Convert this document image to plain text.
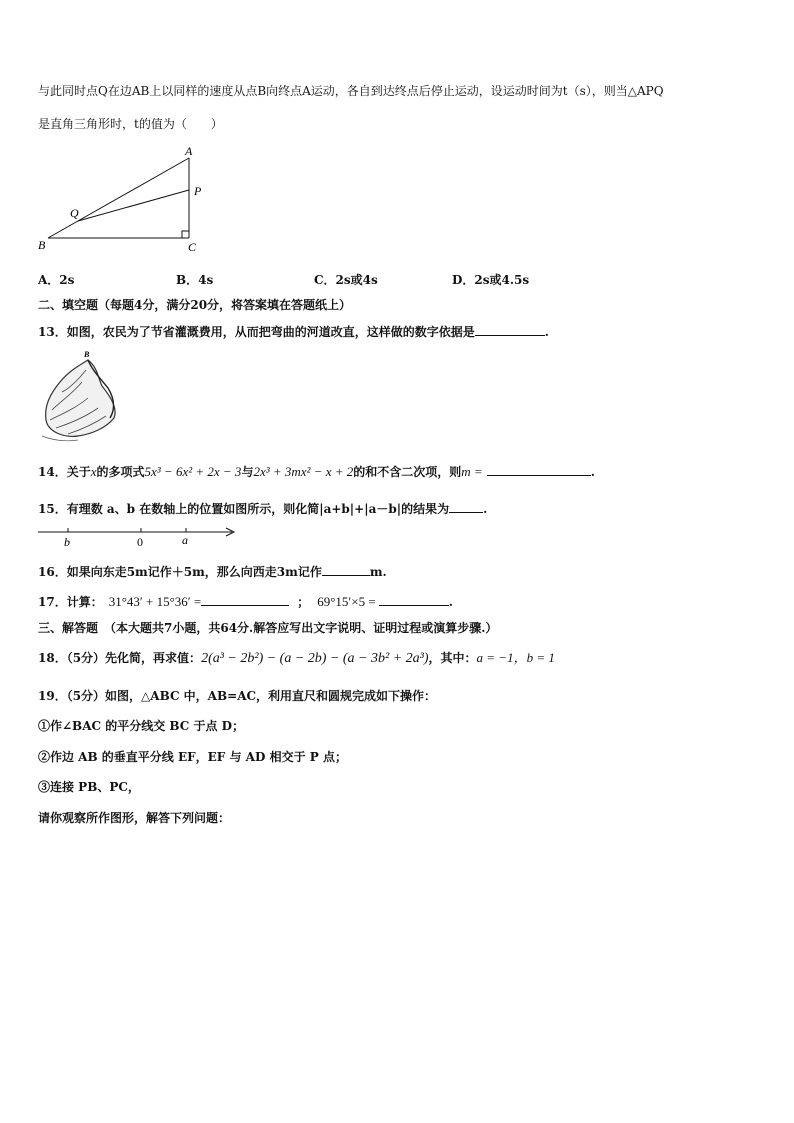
与此同时点Q在边AB上以同样的速度从点B向终点A运动，各自到达终点后停止运动，设运动时间为t（s），则当△APQ
是直角三角形时，t的值为（　　）
A
P
Q
B	C
A．2s	B．4s	C．2s或4s	D．2s或4.5s
二、填空题（每题4分，满分20分，将答案填在答题纸上）
13．如图，农民为了节省灌溉费用，从而把弯曲的河道改直，这样做的数字依据是	.
B
14．关于x的多项式5x³ − 6x² + 2x − 3与2x³ + 3mx² − x + 2的和不含二次项，则m =	.
15．有理数 a、b 在数轴上的位置如图所示，则化简|a+b|+|a－b|的结果为	.
b	0	a
16．如果向东走5m记作＋5m，那么向西走3m记作	m.
17．计算： 31°43′ + 15°36′ =	； 69°15′×5 =	.
三、解答题　（本大题共7小题，共64分.解答应写出文字说明、证明过程或演算步骤.）
18．（5分）先化简，再求值：2(a³ − 2b²) − (a − 2b) − (a − 3b² + 2a³)，其中：a = −1，b = 1
19．（5分）如图，△ABC 中，AB=AC，利用直尺和圆规完成如下操作：
①作∠BAC 的平分线交 BC 于点 D；
②作边 AB 的垂直平分线 EF，EF 与 AD 相交于 P 点；
③连接 PB、PC，
请你观察所作图形，解答下列问题：
